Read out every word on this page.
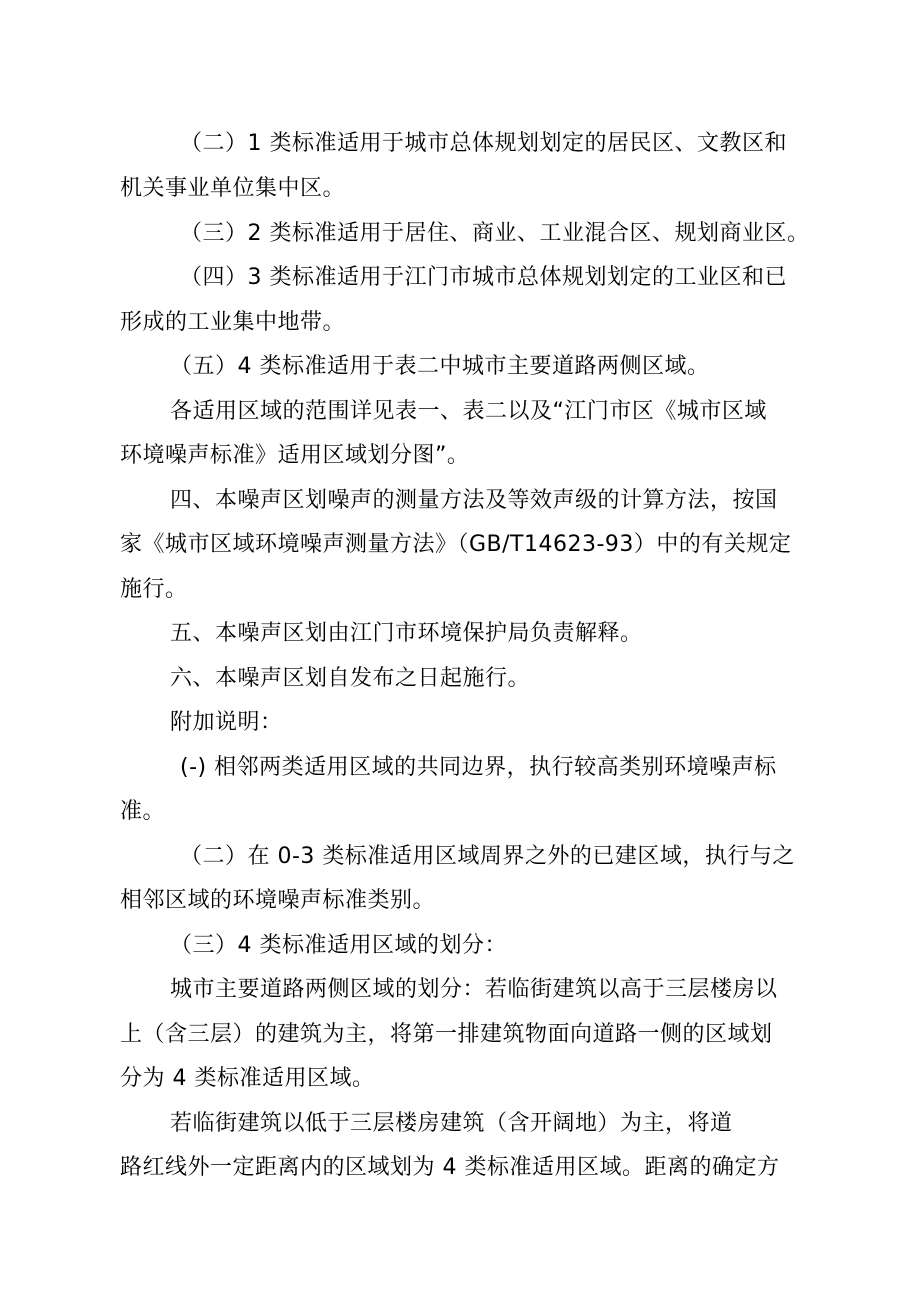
（二）1 类标准适用于城市总体规划划定的居民区、文教区和
机关事业单位集中区。
（三）2 类标准适用于居住、商业、工业混合区、规划商业区。
（四）3 类标准适用于江门市城市总体规划划定的工业区和已
形成的工业集中地带。
（五）4 类标准适用于表二中城市主要道路两侧区域。
各适用区域的范围详见表一、表二以及“江门市区《城市区域
环境噪声标准》适用区域划分图”。
四、本噪声区划噪声的测量方法及等效声级的计算方法，按国
家《城市区域环境噪声测量方法》（GB/T14623-93）中的有关规定
施行。
五、本噪声区划由江门市环境保护局负责解释。
六、本噪声区划自发布之日起施行。
附加说明：
(-) 相邻两类适用区域的共同边界，执行较高类别环境噪声标
准。
（二）在 0-3 类标准适用区域周界之外的已建区域，执行与之
相邻区域的环境噪声标准类别。
（三）4 类标准适用区域的划分：
城市主要道路两侧区域的划分：若临街建筑以高于三层楼房以
上（含三层）的建筑为主，将第一排建筑物面向道路一侧的区域划
分为 4 类标准适用区域。
若临街建筑以低于三层楼房建筑（含开阔地）为主，将道
路红线外一定距离内的区域划为 4 类标准适用区域。距离的确定方
